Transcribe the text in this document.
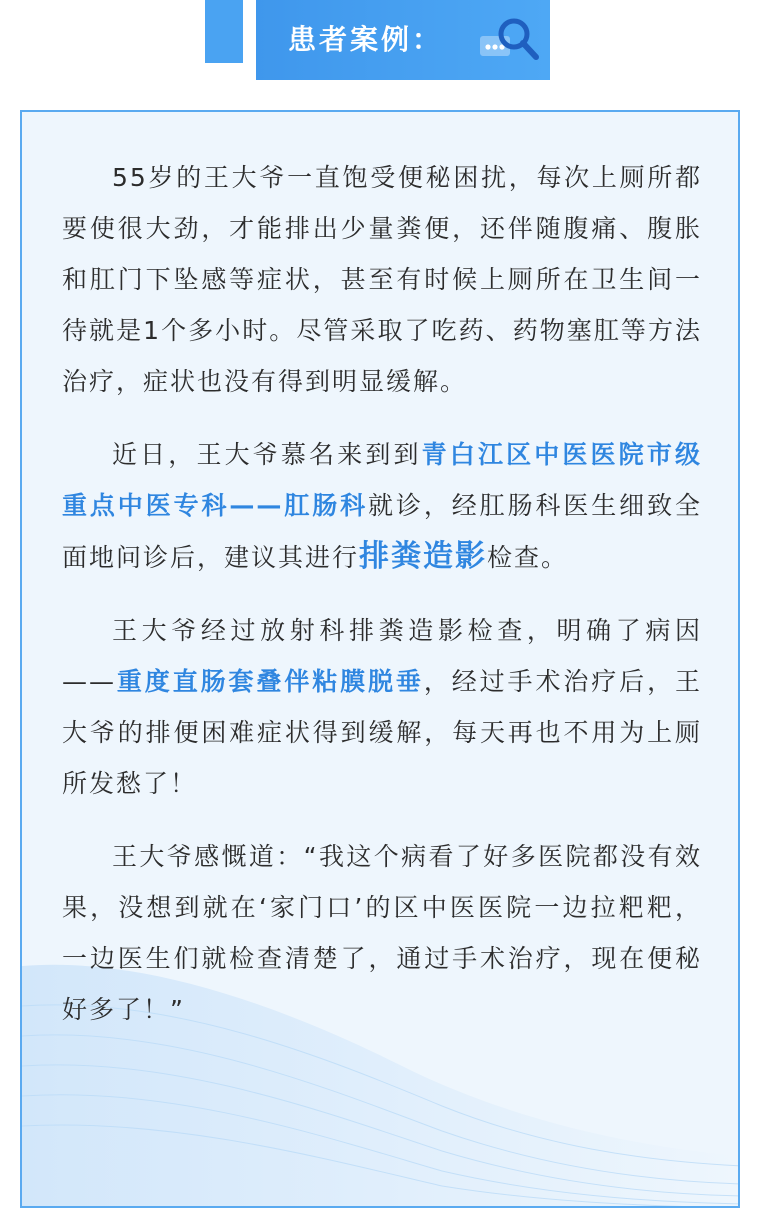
患者案例：

55岁的王大爷一直饱受便秘困扰，每次上厕所都要使很大劲，才能排出少量粪便，还伴随腹痛、腹胀和肛门下坠感等症状，甚至有时候上厕所在卫生间一待就是1个多小时。尽管采取了吃药、药物塞肛等方法治疗，症状也没有得到明显缓解。

近日，王大爷慕名来到到青白江区中医医院市级重点中医专科——肛肠科就诊，经肛肠科医生细致全面地问诊后，建议其进行排粪造影检查。

王大爷经过放射科排粪造影检查，明确了病因——重度直肠套叠伴粘膜脱垂，经过手术治疗后，王大爷的排便困难症状得到缓解，每天再也不用为上厕所发愁了！

王大爷感慨道：“我这个病看了好多医院都没有效果，没想到就在‘家门口’的区中医医院一边拉粑粑，一边医生们就检查清楚了，通过手术治疗，现在便秘好多了！”
